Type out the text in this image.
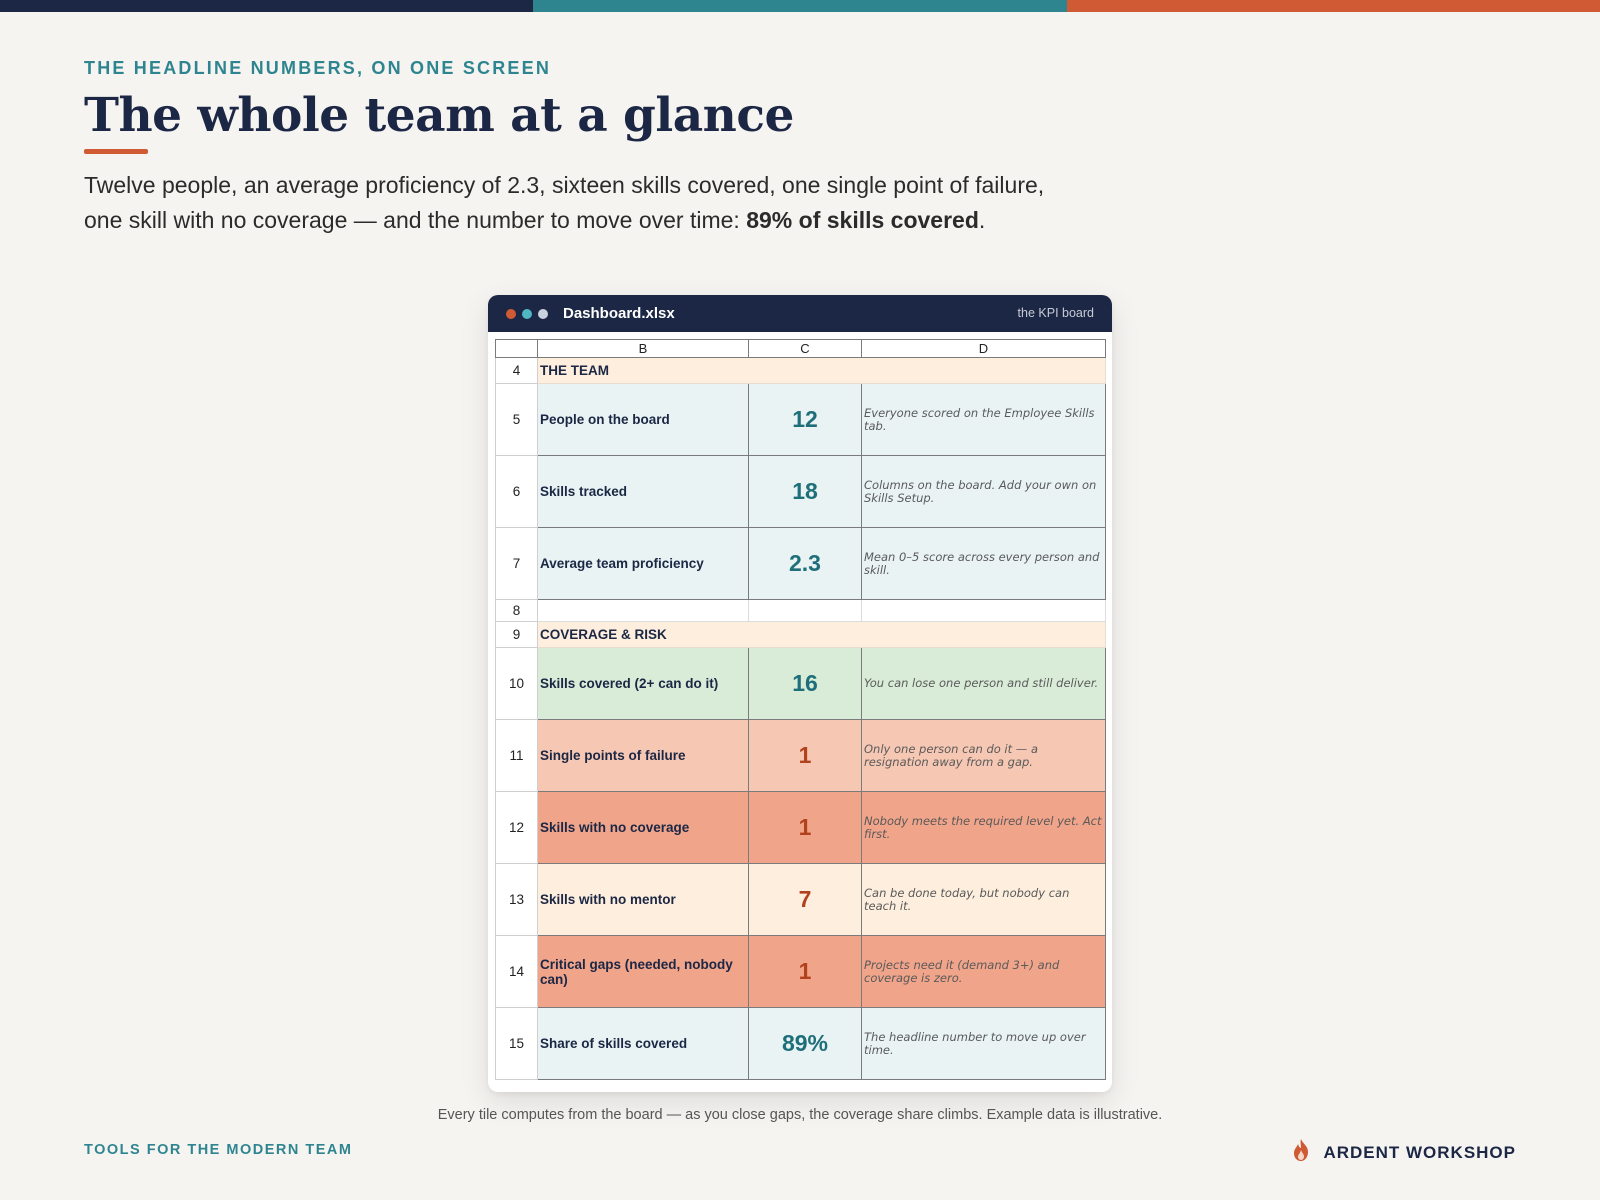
THE HEADLINE NUMBERS, ON ONE SCREEN
The whole team at a glance

Twelve people, an average proficiency of 2.3, sixteen skills covered, one single point of failure, one skill with no coverage — and the number to move over time: 89% of skills covered.

Dashboard.xlsx	the KPI board
	B	C	D
4	THE TEAM		
5	People on the board	12	Everyone scored on the Employee Skills tab.
6	Skills tracked	18	Columns on the board. Add your own on Skills Setup.
7	Average team proficiency	2.3	Mean 0–5 score across every person and skill.
8			
9	COVERAGE & RISK		
10	Skills covered (2+ can do it)	16	You can lose one person and still deliver.
11	Single points of failure	1	Only one person can do it — a resignation away from a gap.
12	Skills with no coverage	1	Nobody meets the required level yet. Act first.
13	Skills with no mentor	7	Can be done today, but nobody can teach it.
14	Critical gaps (needed, nobody can)	1	Projects need it (demand 3+) and coverage is zero.
15	Share of skills covered	89%	The headline number to move up over time.
Every tile computes from the board — as you close gaps, the coverage share climbs. Example data is illustrative.
TOOLS FOR THE MODERN TEAM	ARDENT WORKSHOP
